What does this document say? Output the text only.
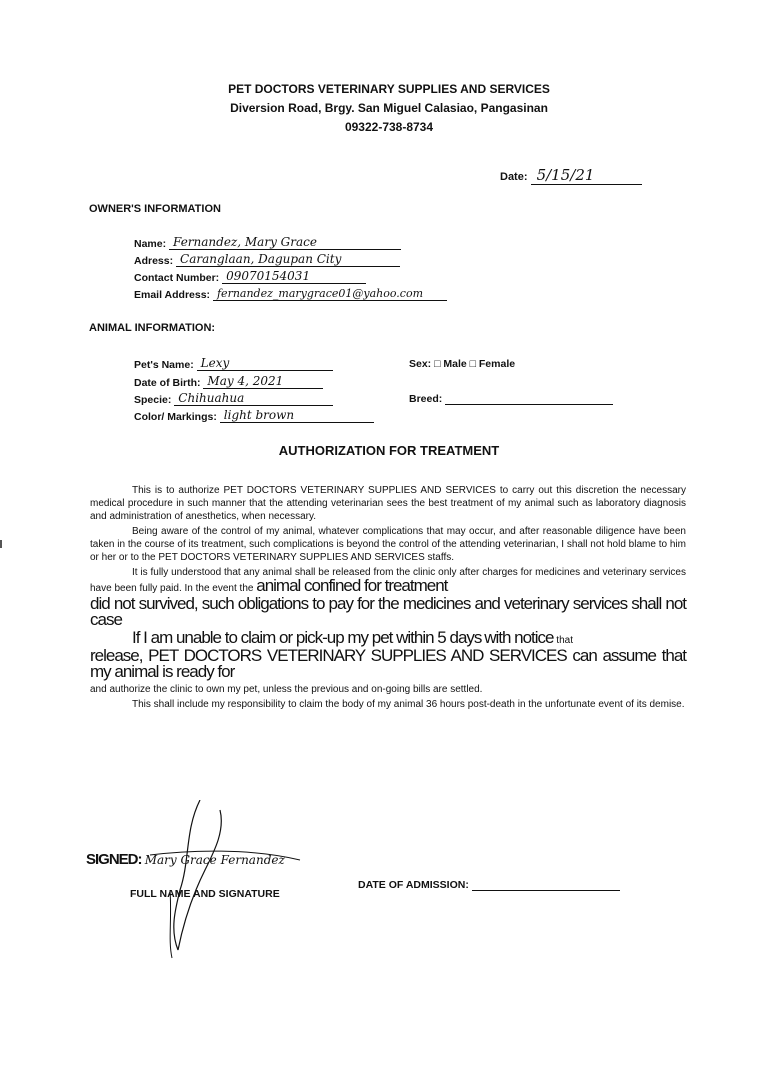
PET DOCTORS VETERINARY SUPPLIES AND SERVICES
Diversion Road, Brgy. San Miguel Calasiao, Pangasinan
09322-738-8734
Date: 5/15/21
OWNER'S INFORMATION
Name: Fernandez, Mary Grace
Adress: Caranglaan, Dagupan City
Contact Number: 09070154031
Email Address: fernandez_marygrace01@yahoo.com
ANIMAL INFORMATION:
Pet's Name: Lexy	Sex: □ Male □ Female
Date of Birth: May 4, 2021
Specie: Chihuahua	Breed:
Color/ Markings: light brown
AUTHORIZATION FOR TREATMENT

This is to authorize PET DOCTORS VETERINARY SUPPLIES AND SERVICES to carry out this discretion the necessary medical procedure in such manner that the attending veterinarian sees the best treatment of my animal such as laboratory diagnosis and administration of anesthetics, when necessary.

Being aware of the control of my animal, whatever complications that may occur, and after reasonable diligence have been taken in the course of its treatment, such complications is beyond the control of the attending veterinarian, I shall not hold blame to him or her or to the PET DOCTORS VETERINARY SUPPLIES AND SERVICES staffs.

It is fully understood that any animal shall be released from the clinic only after charges for medicines and veterinary services have been fully paid. In the event the animal confined for treatment

did not survived, such obligations to pay for the medicines and veterinary services shall not case

If I am unable to claim or pick-up my pet within 5 days with notice that

release, PET DOCTORS VETERINARY SUPPLIES AND SERVICES can assume that my animal is ready for

and authorize the clinic to own my pet, unless the previous and on-going bills are settled.

This shall include my responsibility to claim the body of my animal 36 hours post-death in the unfortunate event of its demise.

SIGNED: Mary Grace Fernandez
FULL NAME AND SIGNATURE
DATE OF ADMISSION:
